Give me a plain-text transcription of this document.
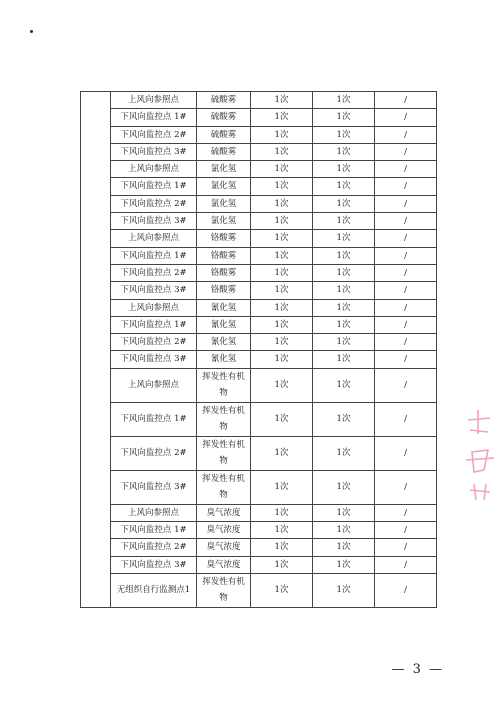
	上风向参照点	硫酸雾	1次	1次	/
	下风向监控点 1#	硫酸雾	1次	1次	/
	下风向监控点 2#	硫酸雾	1次	1次	/
	下风向监控点 3#	硫酸雾	1次	1次	/
	上风向参照点	氯化氢	1次	1次	/
	下风向监控点 1#	氯化氢	1次	1次	/
	下风向监控点 2#	氯化氢	1次	1次	/
	下风向监控点 3#	氯化氢	1次	1次	/
	上风向参照点	铬酸雾	1次	1次	/
	下风向监控点 1#	铬酸雾	1次	1次	/
	下风向监控点 2#	铬酸雾	1次	1次	/
	下风向监控点 3#	铬酸雾	1次	1次	/
	上风向参照点	氰化氢	1次	1次	/
	下风向监控点 1#	氰化氢	1次	1次	/
	下风向监控点 2#	氰化氢	1次	1次	/
	下风向监控点 3#	氰化氢	1次	1次	/
	上风向参照点	挥发性有机物	1次	1次	/
	下风向监控点 1#	挥发性有机物	1次	1次	/
	下风向监控点 2#	挥发性有机物	1次	1次	/
	下风向监控点 3#	挥发性有机物	1次	1次	/
	上风向参照点	臭气浓度	1次	1次	/
	下风向监控点 1#	臭气浓度	1次	1次	/
	下风向监控点 2#	臭气浓度	1次	1次	/
	下风向监控点 3#	臭气浓度	1次	1次	/
	无组织自行监测点1	挥发性有机物	1次	1次	/
— 3 —
